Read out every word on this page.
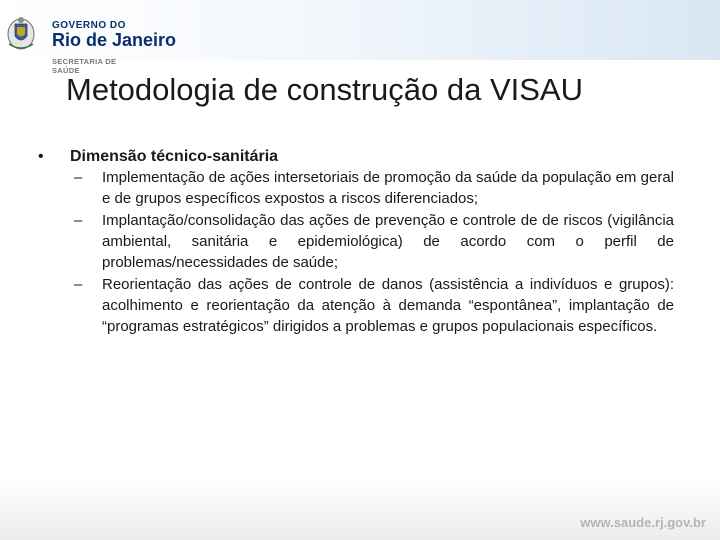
GOVERNO DO
Rio de Janeiro
SECRETARIA DE SAÚDE
Metodologia de construção da VISAU
•	Dimensão técnico-sanitária
–	Implementação de ações intersetoriais de promoção da saúde da população em geral e de grupos específicos expostos a riscos diferenciados;
–	Implantação/consolidação das ações de prevenção e controle de de riscos (vigilância ambiental, sanitária e epidemiológica) de acordo com o perfil de problemas/necessidades de saúde;
–	Reorientação das ações de controle de danos (assistência a indivíduos e grupos): acolhimento e reorientação da atenção à demanda “espontânea”, implantação de “programas estratégicos” dirigidos a problemas e grupos populacionais específicos.
www.saude.rj.gov.br
